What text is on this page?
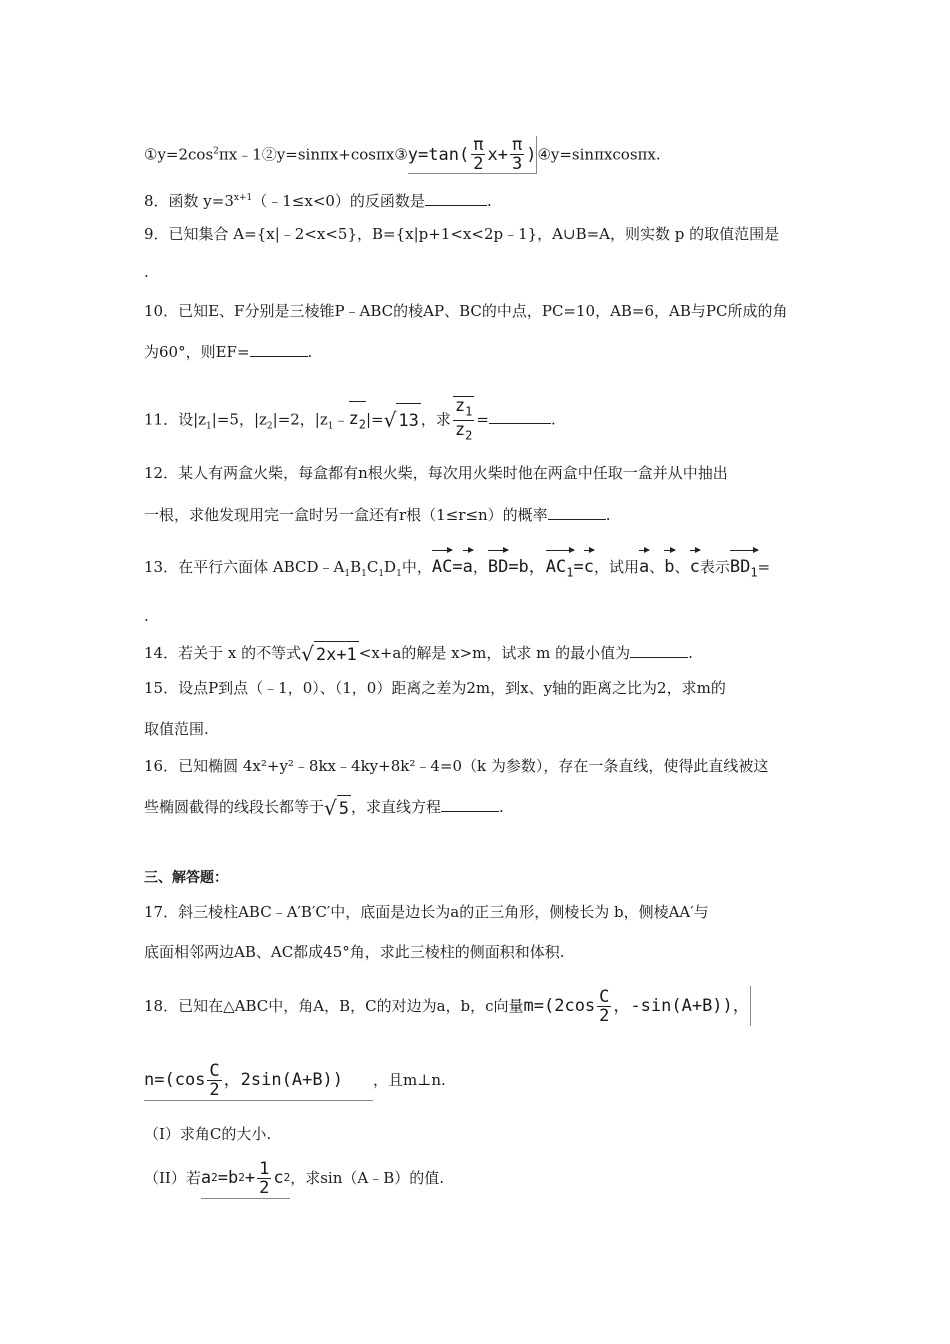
$①y=2\cos^2\pi x﹣1②y=\sin\pi x+\cos\pi x③$ $y=\tan( \frac{\pi}{2} x+ \frac{\pi}{3}$ ) ④y=sinπxcosπx.
8．函数 $y=3^{x+1}(﹣1\le x<0)$的反函数是	.
9．已知集合 A={x|﹣2<x<5}，B={x|p+1<x<2p﹣1}，A∪B=A，则实数 p 的取值范围是
.
10．已知E、F分别是三棱锥P﹣ABC的棱AP、BC的中点，PC=10，AB=6，AB与PC所成的角
为60°，则EF=	.
11．设$|z_1|=5$，$|z_2|=2$，$|z_1﹣z_2|=$ √ 13 ，求 $\frac{z_1}{z_2}$ =	.
12．某人有两盒火柴，每盒都有n根火柴，每次用火柴时他在两盒中任取一盒并从中抽出
一根，求他发现用完一盒时另一盒还有r根（1≤r≤n）的概率	.
13．在平行六面体 $ABCD﹣A_1B_1C_1D_1$中，AC=a，BD=b，$AC_1=c$，试用a、b、c表示$BD_1=$
.
14．若关于 x 的不等式 √ 2x+1 <x+a的解是 x>m，试求 m 的最小值为	.
15．设点P到点（﹣1，0）、（1，0）距离之差为2m，到x、y轴的距离之比为2，求m的
取值范围.
16．已知椭圆 4x²+y²﹣8kx﹣4ky+8k²﹣4=0（k 为参数），存在一条直线，使得此直线被这
些椭圆截得的线段长都等于 √ 5 ，求直线方程	.
三、解答题：
17．斜三棱柱ABC﹣A′B′C′中，底面是边长为a的正三角形，侧棱长为 b，侧棱AA′与
底面相邻两边AB、AC都成45°角，求此三棱柱的侧面积和体积.
18．已知在△ABC中，角A，B，C的对边为a，b，c向量 $m=(2\cos \frac{C}{2}$ ，-sin(A+B)) ，
$n=(\cos \frac{C}{2}$ ，2sin(A+B)) ，且m⊥n.
（I）求角C的大小.
（II）若 a 2 =b $2 + \frac{1}{2}$ c 2 ，求sin（A﹣B）的值.
